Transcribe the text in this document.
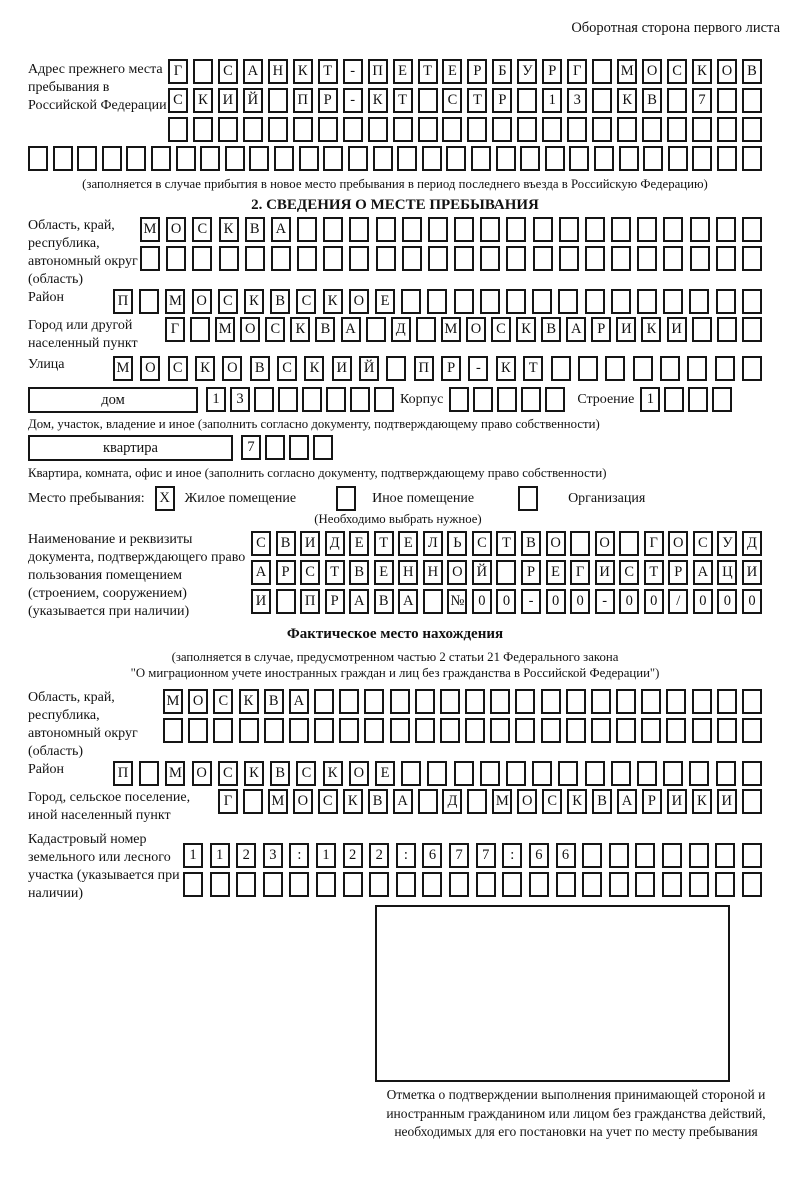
Оборотная сторона первого листа
Адрес прежнего места пребывания в Российской Федерации
Г	С	А Н	К	Т	-	П	Е	Т	Е	Р	Б	У	Р	Г	М О	С	К	О	В
С	К	И Й	П	Р	-	К	Т	С	Т	Р	1	3	К	В	7
(заполняется в случае прибытия в новое место пребывания в период последнего въезда в Российскую Федерацию)
2. СВЕДЕНИЯ О МЕСТЕ ПРЕБЫВАНИЯ
Область, край, республика, автономный округ (область)
М О	С	К	В	А
Район	П	М	О	С	К	В	С	К	О	Е
Город или другой населенный пункт
Г	М О	С	К	В	А	Д	М О	С	К	В	А	Р	И	К	И
Улица	М	О	С	К	О	В	С	К	И	Й	П	Р	-	К	Т
дом	1	3	Корпус	Строение 1
Дом, участок, владение и иное (заполнить согласно документу, подтверждающему право собственности)
квартира	7
Квартира, комната, офис и иное (заполнить согласно документу, подтверждающему право собственности)
Место пребывания:	X	Жилое помещение	Иное помещение	Организация
(Необходимо выбрать нужное)
Наименование и реквизиты документа, подтверждающего право пользования помещением (строением, сооружением) (указывается при наличии)
С	В И Д	Е	Т	Е	Л	Ь	С	Т	В О	О	Г	О С	У Д
А	Р	С	Т	В	Е	Н Н О Й	Р	Е	Г	И С	Т	Р	А Ц И
И	П	Р	А В А	№ 0	0	-	0	0	-	0	0	/	0	0	0
Фактическое место нахождения
(заполняется в случае, предусмотренном частью 2 статьи 21 Федерального закона
"О миграционном учете иностранных граждан и лиц без гражданства в Российской Федерации")
Область, край, республика, автономный округ (область)
М О	С	К	В	А
Район	П	М	О	С	К	В	С	К	О	Е
Город, сельское поселение, иной населенный пункт
Г	М О	С	К	В	А	Д	М О	С	К	В	А	Р	И	К	И
Кадастровый номер земельного или лесного участка (указывается при наличии)
1	1	2	3	:	1	2	2	:	6	7	7	:	6	6
Отметка о подтверждении выполнения принимающей стороной и иностранным гражданином или лицом без гражданства действий, необходимых для его постановки на учет по месту пребывания
